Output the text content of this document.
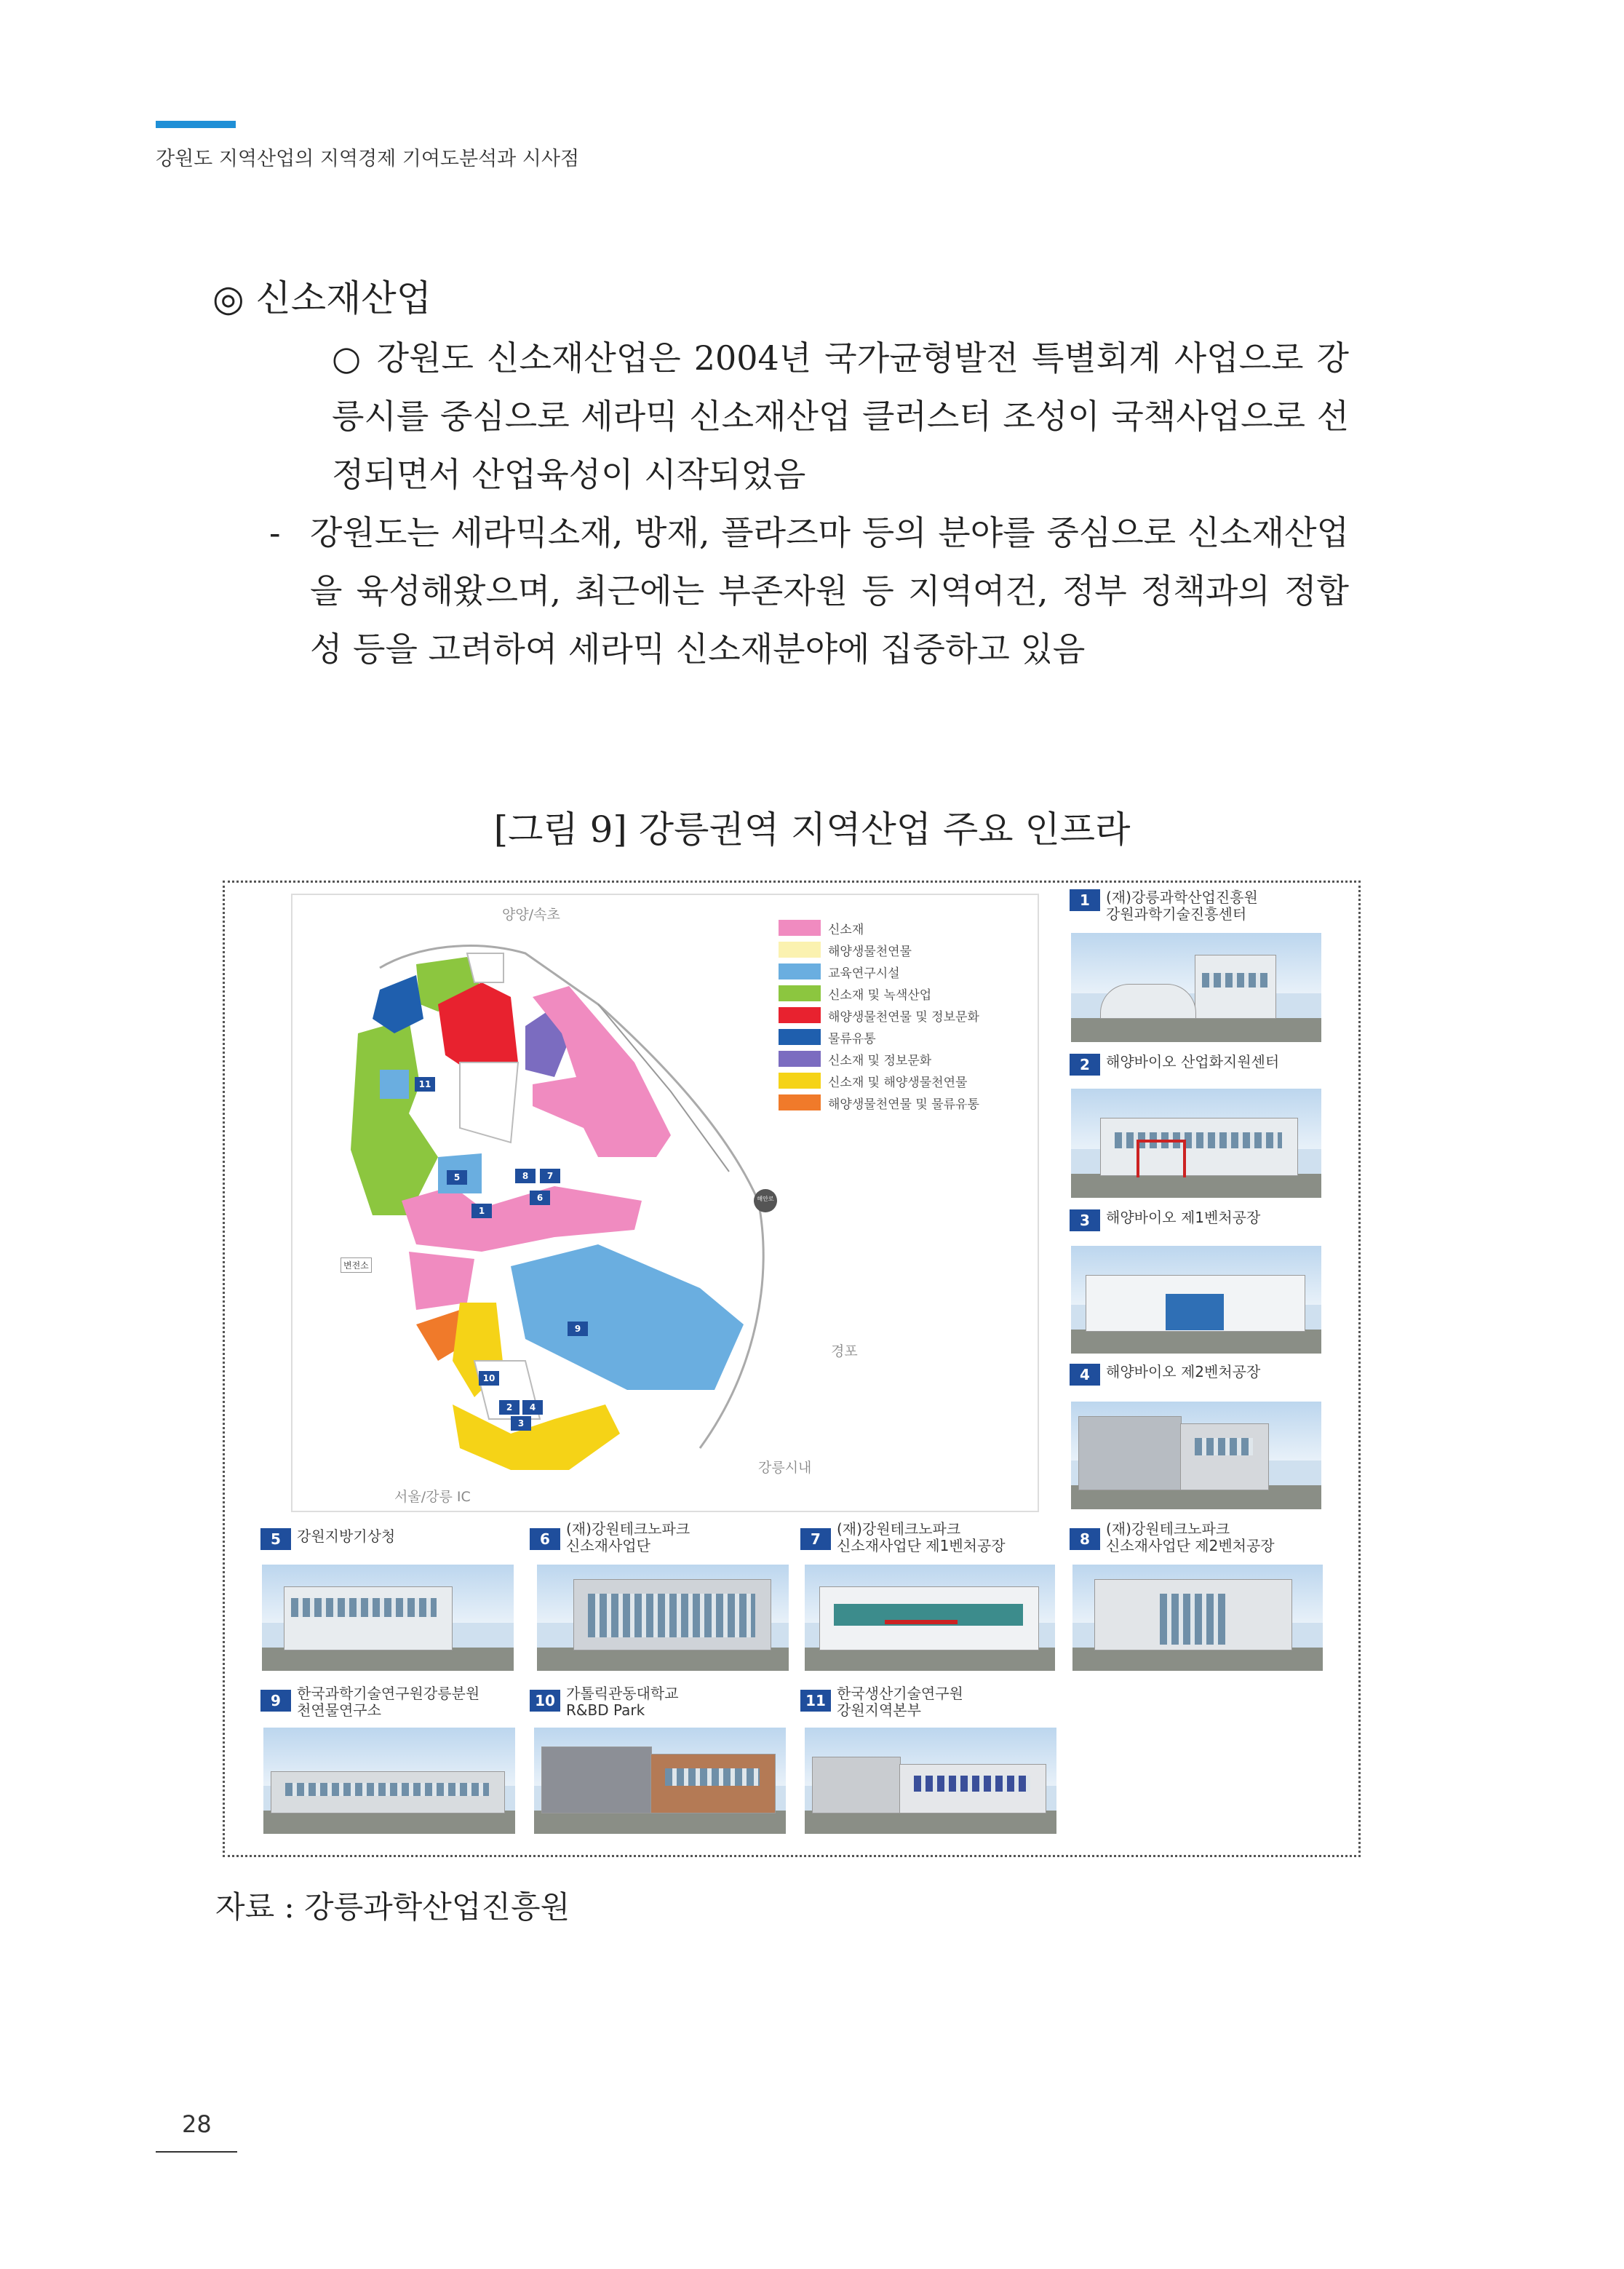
강원도 지역산업의 지역경제 기여도분석과 시사점
◎ 신소재산업
○ 강원도 신소재산업은 2004년 국가균형발전 특별회계 사업으로 강릉시를 중심으로 세라믹 신소재산업 클러스터 조성이 국책사업으로 선정되면서 산업육성이 시작되었음
- 강원도는 세라믹소재, 방재, 플라즈마 등의 분야를 중심으로 신소재산업을 육성해왔으며, 최근에는 부존자원 등 지역여건, 정부 정책과의 정합성 등을 고려하여 세라믹 신소재분야에 집중하고 있음
[그림 9] 강릉권역 지역산업 주요 인프라
양양/속초
경포
강릉시내
서울/강릉 IC
변전소
해안로
11
5
1
8	7
6
9
10
2	4
3
신소재
해양생물천연물
교육연구시설
신소재 및 녹색산업
해양생물천연물 및 정보문화
물류유통
신소재 및 정보문화
신소재 및 해양생물천연물
해양생물천연물 및 물류유통
1	(재)강릉과학산업진흥원
강원과학기술진흥센터
2	해양바이오 산업화지원센터
3	해양바이오 제1벤처공장
4	해양바이오 제2벤처공장
5	강원지방기상청	6
(재)강원테크노파크
신소재사업단	7
(재)강원테크노파크
신소재사업단 제1벤처공장	8
(재)강원테크노파크
신소재사업단 제2벤처공장
9	한국과학기술연구원강릉분원
천연물연구소
10 가톨릭관동대학교
R&BD Park
11 한국생산기술연구원
강원지역본부
자료 : 강릉과학산업진흥원
28
